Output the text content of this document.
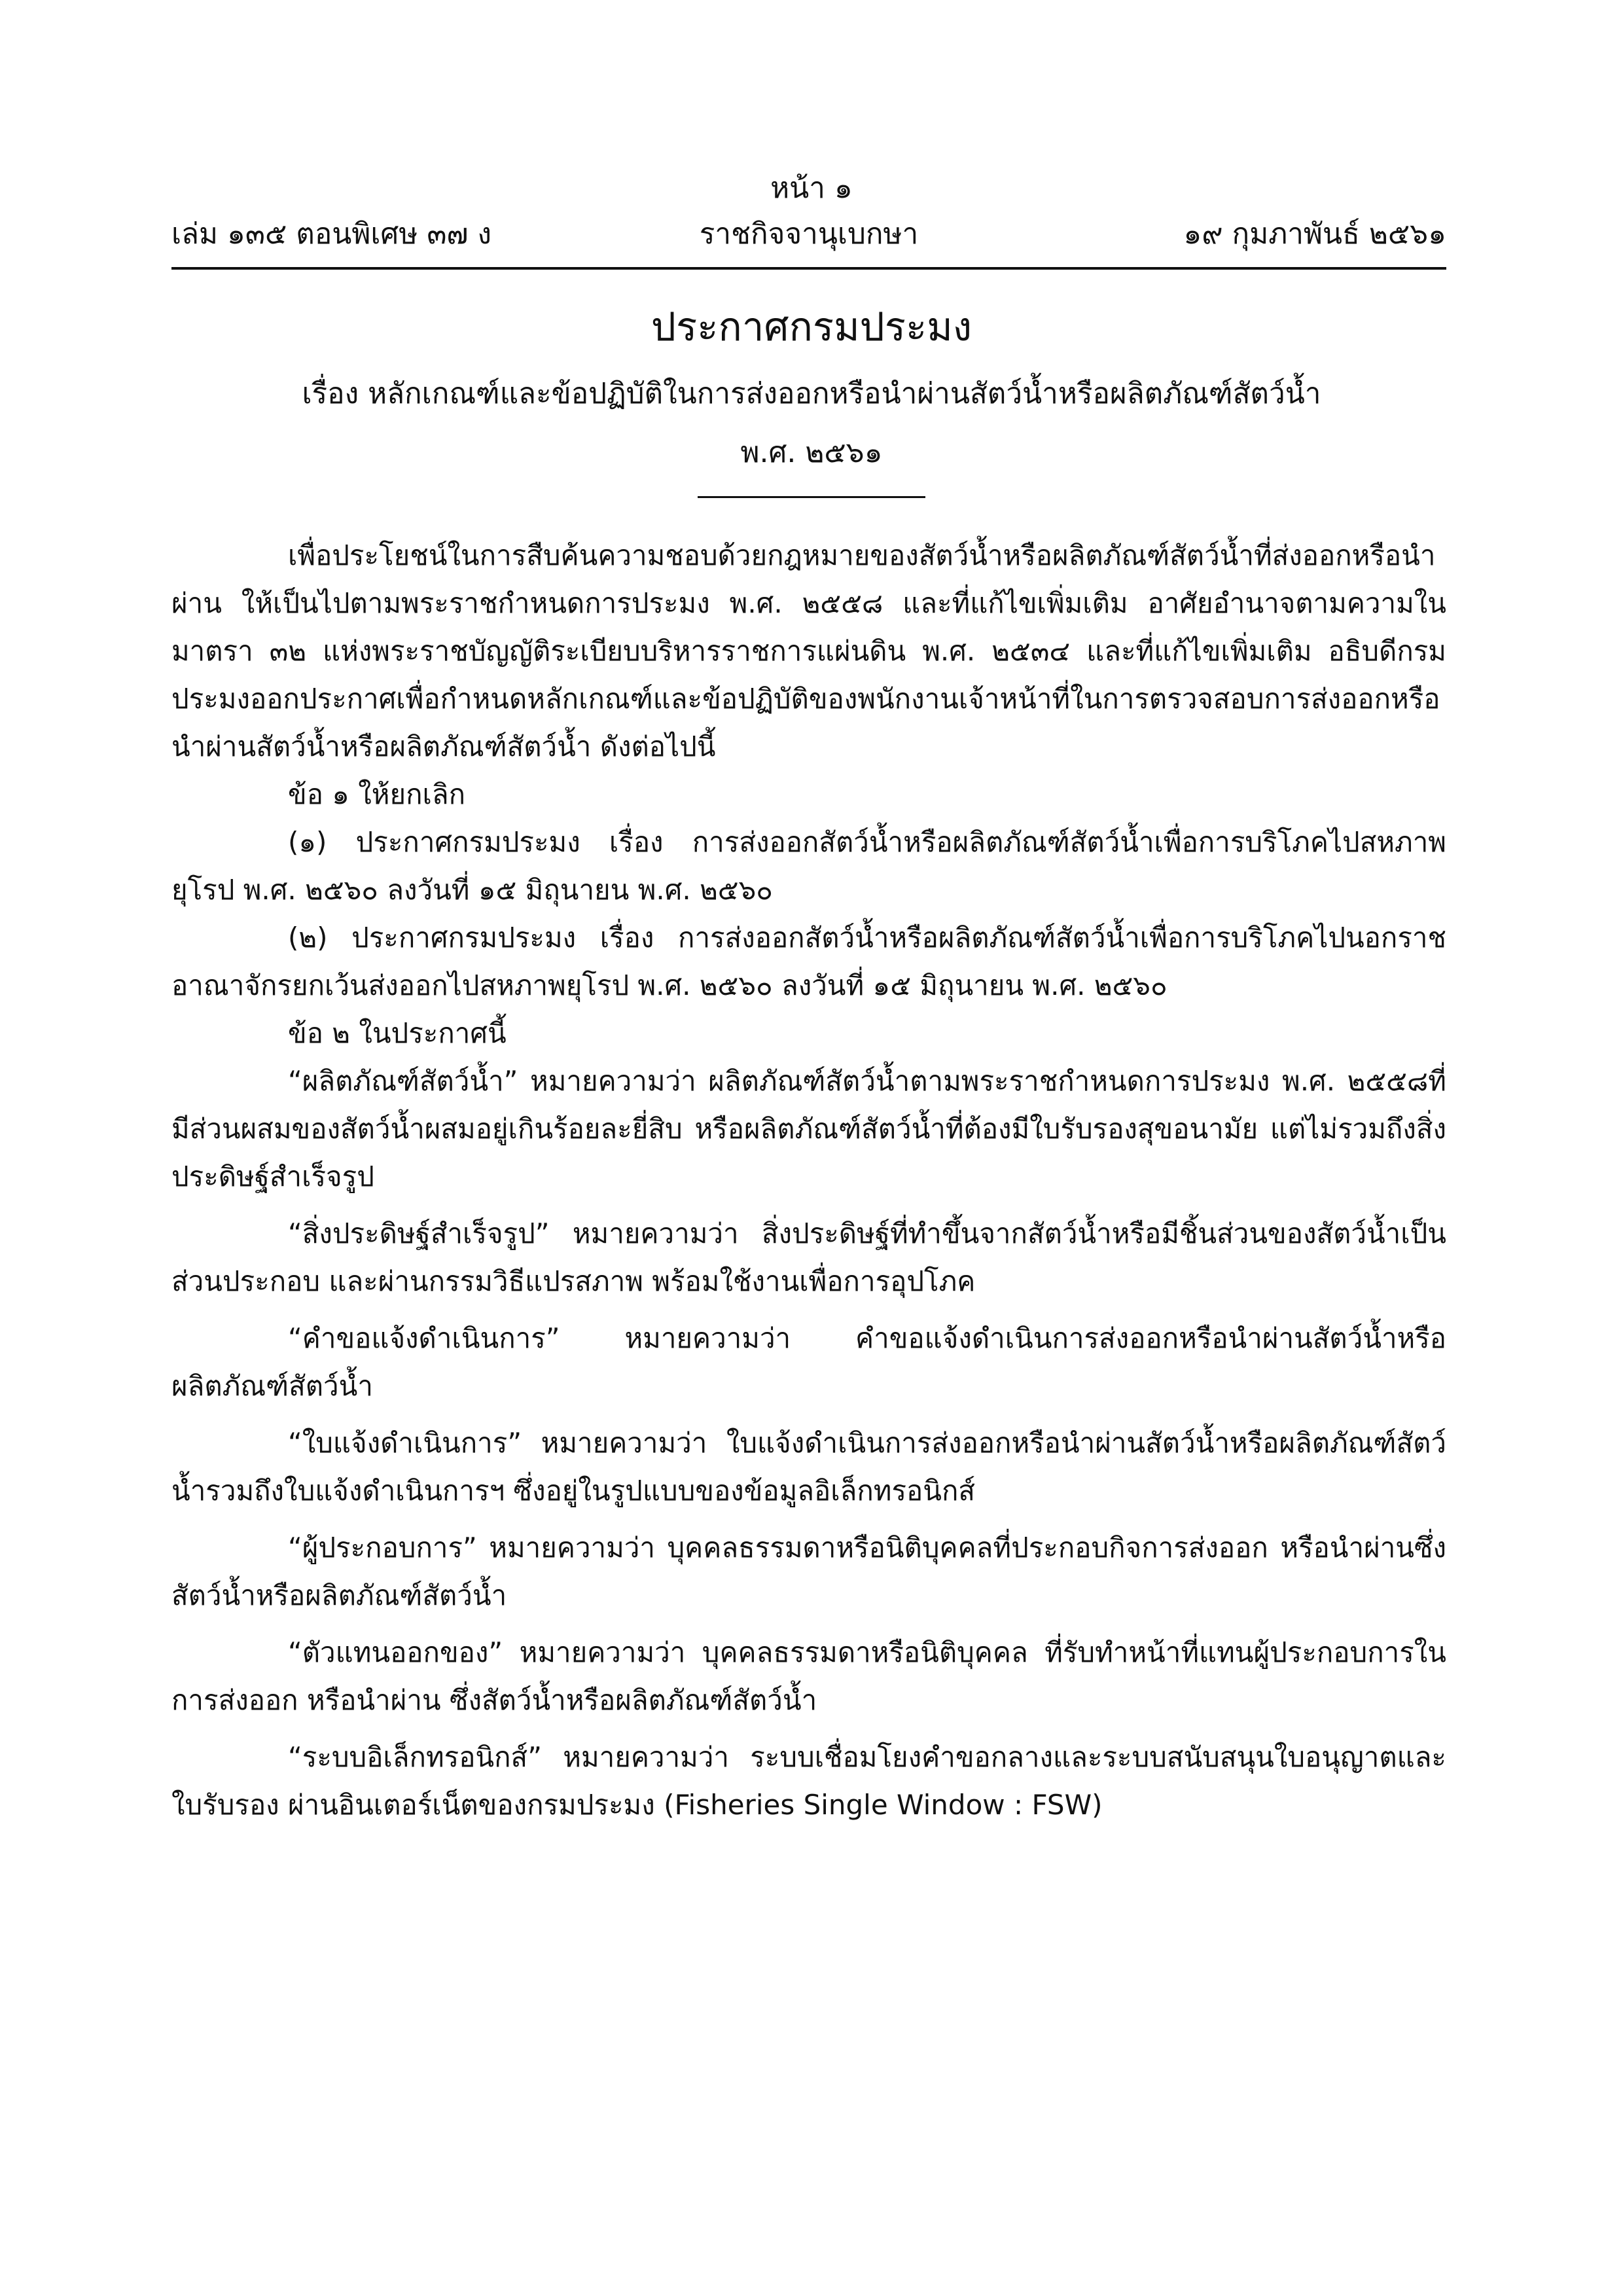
หน้า ๑
ราชกิจจานุเบกษา
เล่ม ๑๓๕ ตอนพิเศษ ๓๗ ง	๑๙ กุมภาพันธ์ ๒๕๖๑
ประกาศกรมประมง
เรื่อง หลักเกณฑ์และข้อปฏิบัติในการส่งออกหรือนำผ่านสัตว์น้ำหรือผลิตภัณฑ์สัตว์น้ำ
พ.ศ. ๒๕๖๑

เพื่อประโยชน์ในการสืบค้นความชอบด้วยกฎหมายของสัตว์น้ำหรือผลิตภัณฑ์สัตว์น้ำที่ส่งออกหรือนำผ่าน ให้เป็นไปตามพระราชกำหนดการประมง พ.ศ. ๒๕๕๘ และที่แก้ไขเพิ่มเติม อาศัยอำนาจตามความในมาตรา ๓๒ แห่งพระราชบัญญัติระเบียบบริหารราชการแผ่นดิน พ.ศ. ๒๕๓๔ และที่แก้ไขเพิ่มเติม อธิบดีกรมประมงออกประกาศเพื่อกำหนดหลักเกณฑ์และข้อปฏิบัติของพนักงานเจ้าหน้าที่ในการตรวจสอบการส่งออกหรือนำผ่านสัตว์น้ำหรือผลิตภัณฑ์สัตว์น้ำ ดังต่อไปนี้

ข้อ ๑ ให้ยกเลิก

(๑) ประกาศกรมประมง เรื่อง การส่งออกสัตว์น้ำหรือผลิตภัณฑ์สัตว์น้ำเพื่อการบริโภคไปสหภาพยุโรป พ.ศ. ๒๕๖๐ ลงวันที่ ๑๕ มิถุนายน พ.ศ. ๒๕๖๐

(๒) ประกาศกรมประมง เรื่อง การส่งออกสัตว์น้ำหรือผลิตภัณฑ์สัตว์น้ำเพื่อการบริโภคไปนอกราชอาณาจักรยกเว้นส่งออกไปสหภาพยุโรป พ.ศ. ๒๕๖๐ ลงวันที่ ๑๕ มิถุนายน พ.ศ. ๒๕๖๐

ข้อ ๒ ในประกาศนี้

“ผลิตภัณฑ์สัตว์น้ำ” หมายความว่า ผลิตภัณฑ์สัตว์น้ำตามพระราชกำหนดการประมง พ.ศ. ๒๕๕๘ที่มีส่วนผสมของสัตว์น้ำผสมอยู่เกินร้อยละยี่สิบ หรือผลิตภัณฑ์สัตว์น้ำที่ต้องมีใบรับรองสุขอนามัย แต่ไม่รวมถึงสิ่งประดิษฐ์สำเร็จรูป

“สิ่งประดิษฐ์สำเร็จรูป” หมายความว่า สิ่งประดิษฐ์ที่ทำขึ้นจากสัตว์น้ำหรือมีชิ้นส่วนของสัตว์น้ำเป็นส่วนประกอบ และผ่านกรรมวิธีแปรสภาพ พร้อมใช้งานเพื่อการอุปโภค

“คำขอแจ้งดำเนินการ” หมายความว่า คำขอแจ้งดำเนินการส่งออกหรือนำผ่านสัตว์น้ำหรือผลิตภัณฑ์สัตว์น้ำ

“ใบแจ้งดำเนินการ” หมายความว่า ใบแจ้งดำเนินการส่งออกหรือนำผ่านสัตว์น้ำหรือผลิตภัณฑ์สัตว์น้ำรวมถึงใบแจ้งดำเนินการฯ ซึ่งอยู่ในรูปแบบของข้อมูลอิเล็กทรอนิกส์

“ผู้ประกอบการ” หมายความว่า บุคคลธรรมดาหรือนิติบุคคลที่ประกอบกิจการส่งออก หรือนำผ่านซึ่งสัตว์น้ำหรือผลิตภัณฑ์สัตว์น้ำ

“ตัวแทนออกของ” หมายความว่า บุคคลธรรมดาหรือนิติบุคคล ที่รับทำหน้าที่แทนผู้ประกอบการในการส่งออก หรือนำผ่าน ซึ่งสัตว์น้ำหรือผลิตภัณฑ์สัตว์น้ำ

“ระบบอิเล็กทรอนิกส์” หมายความว่า ระบบเชื่อมโยงคำขอกลางและระบบสนับสนุนใบอนุญาตและใบรับรอง ผ่านอินเตอร์เน็ตของกรมประมง (Fisheries Single Window : FSW)
